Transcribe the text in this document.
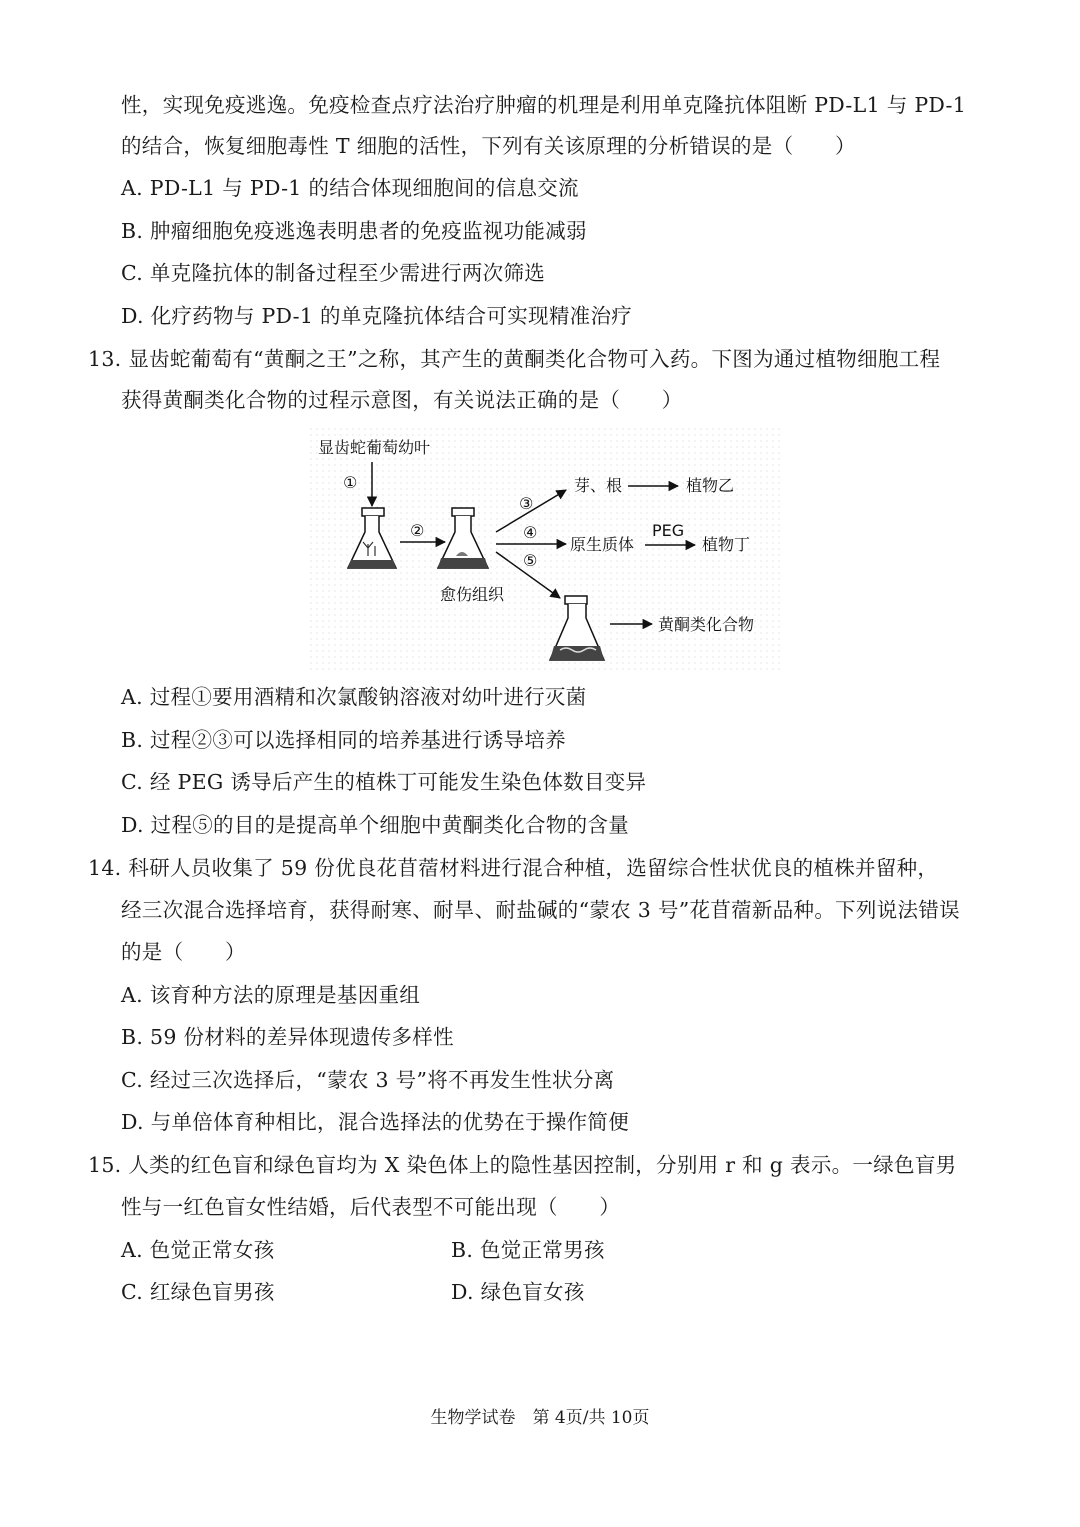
性，实现免疫逃逸。免疫检查点疗法治疗肿瘤的机理是利用单克隆抗体阻断 PD-L1 与 PD-1
的结合，恢复细胞毒性 T 细胞的活性，下列有关该原理的分析错误的是（　　）
A. PD-L1 与 PD-1 的结合体现细胞间的信息交流
B. 肿瘤细胞免疫逃逸表明患者的免疫监视功能减弱
C. 单克隆抗体的制备过程至少需进行两次筛选
D. 化疗药物与 PD-1 的单克隆抗体结合可实现精准治疗
13. 显齿蛇葡萄有“黄酮之王”之称，其产生的黄酮类化合物可入药。下图为通过植物细胞工程
获得黄酮类化合物的过程示意图，有关说法正确的是（　　）
显齿蛇葡萄幼叶
①
②
愈伤组织
③
④
⑤
芽、根	植物乙
原生质体
PEG
植物丁
黄酮类化合物
A. 过程①要用酒精和次氯酸钠溶液对幼叶进行灭菌
B. 过程②③可以选择相同的培养基进行诱导培养
C. 经 PEG 诱导后产生的植株丁可能发生染色体数目变异
D. 过程⑤的目的是提高单个细胞中黄酮类化合物的含量
14. 科研人员收集了 59 份优良花苜蓿材料进行混合种植，选留综合性状优良的植株并留种，
经三次混合选择培育，获得耐寒、耐旱、耐盐碱的“蒙农 3 号”花苜蓿新品种。下列说法错误
的是（　　）
A. 该育种方法的原理是基因重组
B. 59 份材料的差异体现遗传多样性
C. 经过三次选择后，“蒙农 3 号”将不再发生性状分离
D. 与单倍体育种相比，混合选择法的优势在于操作简便
15. 人类的红色盲和绿色盲均为 X 染色体上的隐性基因控制，分别用 r 和 g 表示。一绿色盲男
性与一红色盲女性结婚，后代表型不可能出现（　　）
A. 色觉正常女孩	B. 色觉正常男孩
C. 红绿色盲男孩	D. 绿色盲女孩
生物学试卷　第 4页/共 10页
